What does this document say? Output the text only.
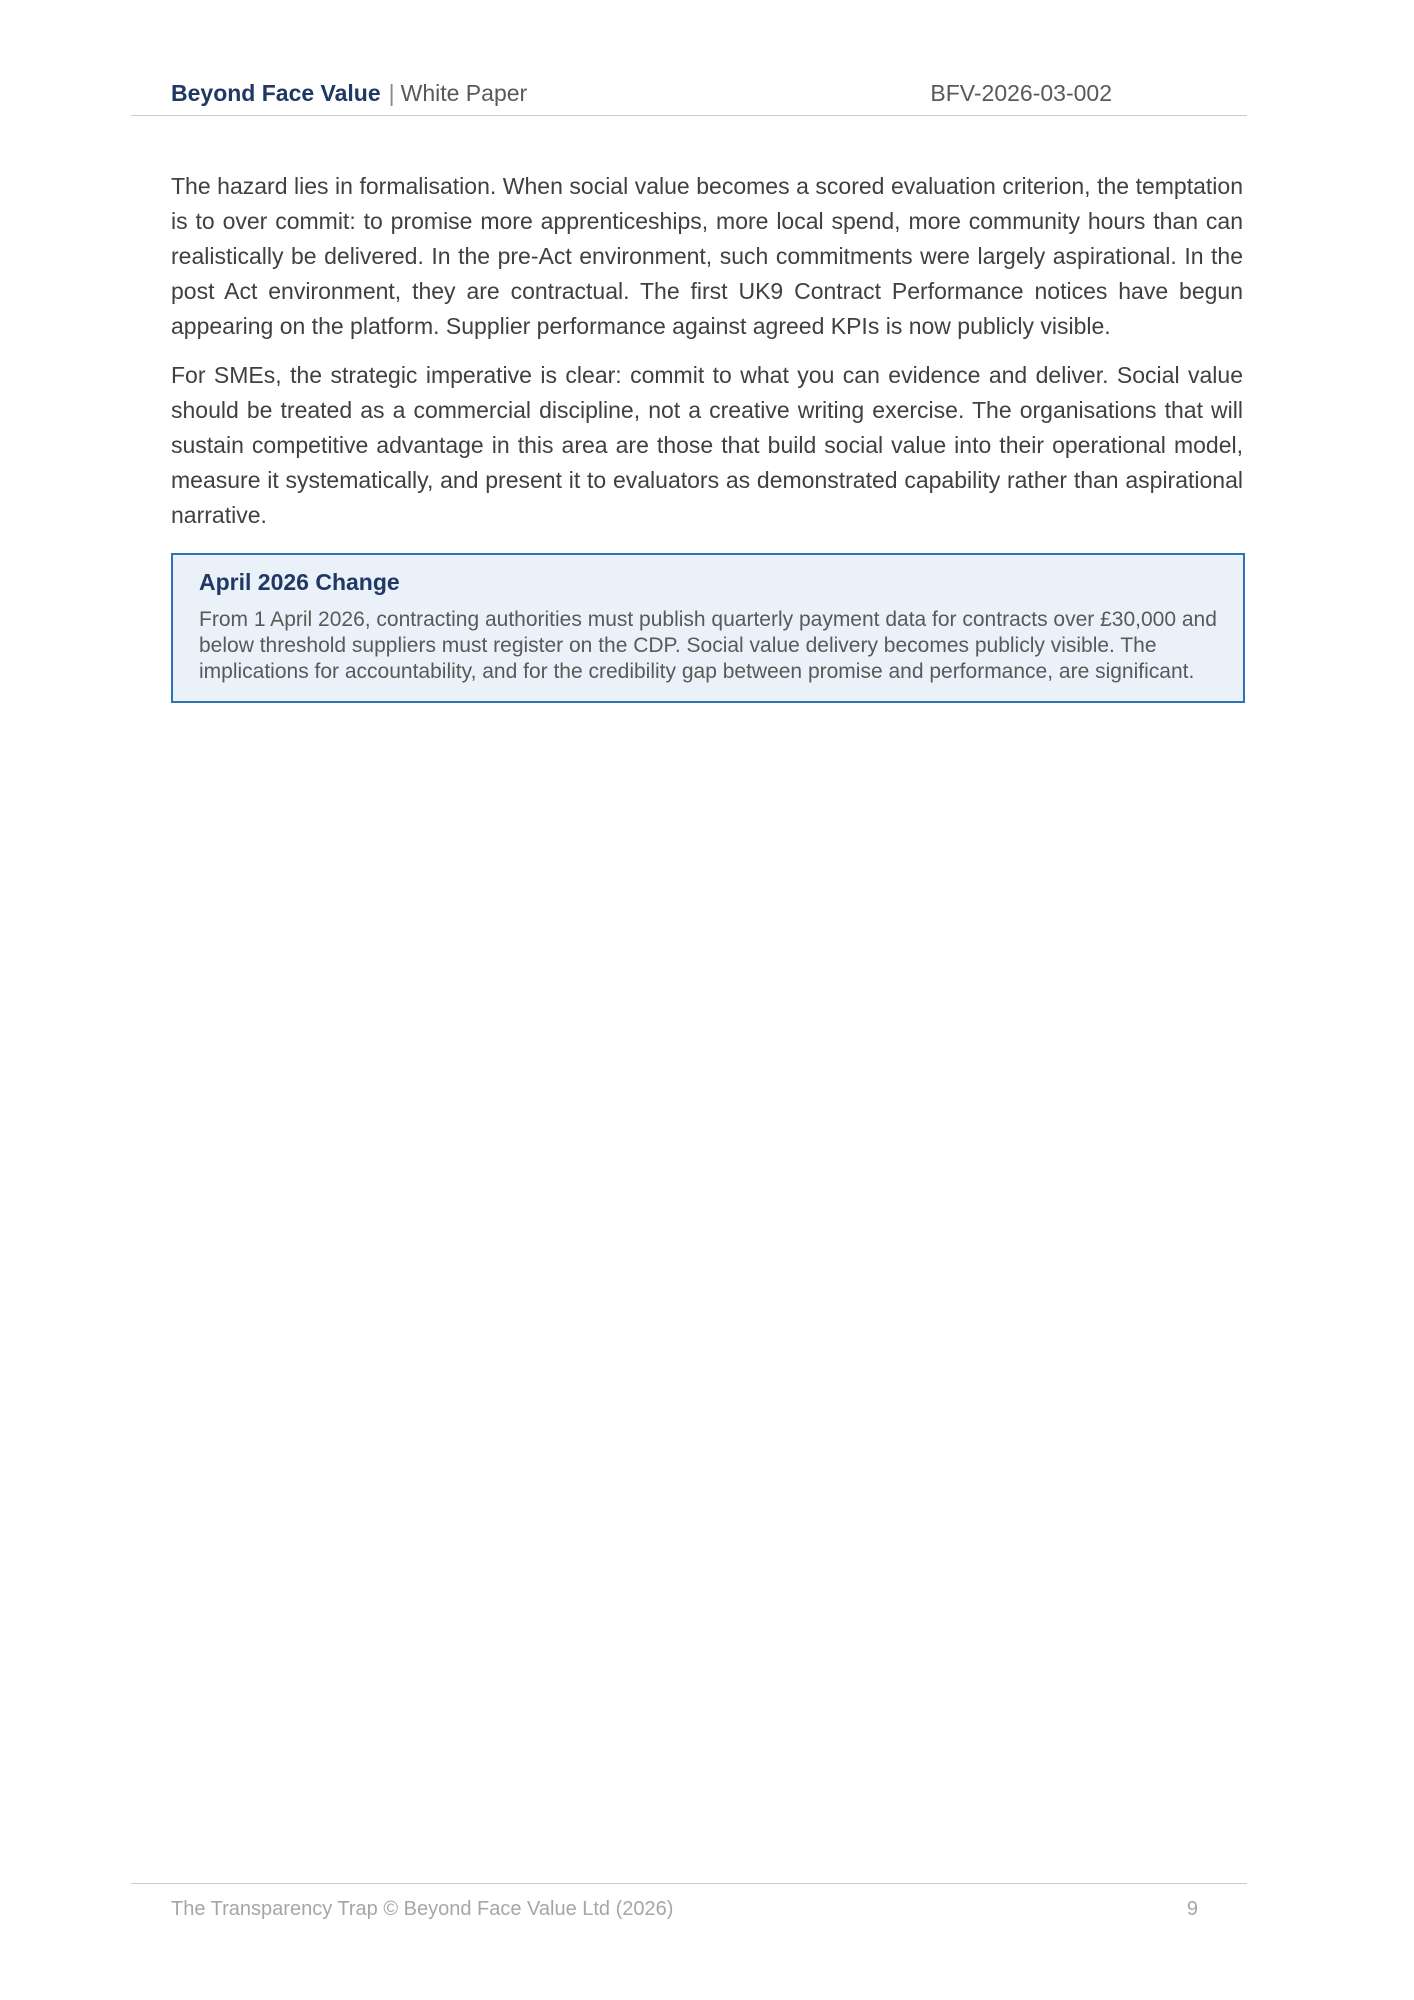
Beyond Face Value | White Paper	BFV-2026-03-002

The hazard lies in formalisation. When social value becomes a scored evaluation criterion, the temptation is to over commit: to promise more apprenticeships, more local spend, more community hours than can realistically be delivered. In the pre-Act environment, such commitments were largely aspirational. In the post Act environment, they are contractual. The first UK9 Contract Performance notices have begun appearing on the platform. Supplier performance against agreed KPIs is now publicly visible.

For SMEs, the strategic imperative is clear: commit to what you can evidence and deliver. Social value should be treated as a commercial discipline, not a creative writing exercise. The organisations that will sustain competitive advantage in this area are those that build social value into their operational model, measure it systematically, and present it to evaluators as demonstrated capability rather than aspirational narrative.

April 2026 Change
From 1 April 2026, contracting authorities must publish quarterly payment data for contracts over £30,000 and below threshold suppliers must register on the CDP. Social value delivery becomes publicly visible. The implications for accountability, and for the credibility gap between promise and performance, are significant.
The Transparency Trap © Beyond Face Value Ltd (2026)	9
